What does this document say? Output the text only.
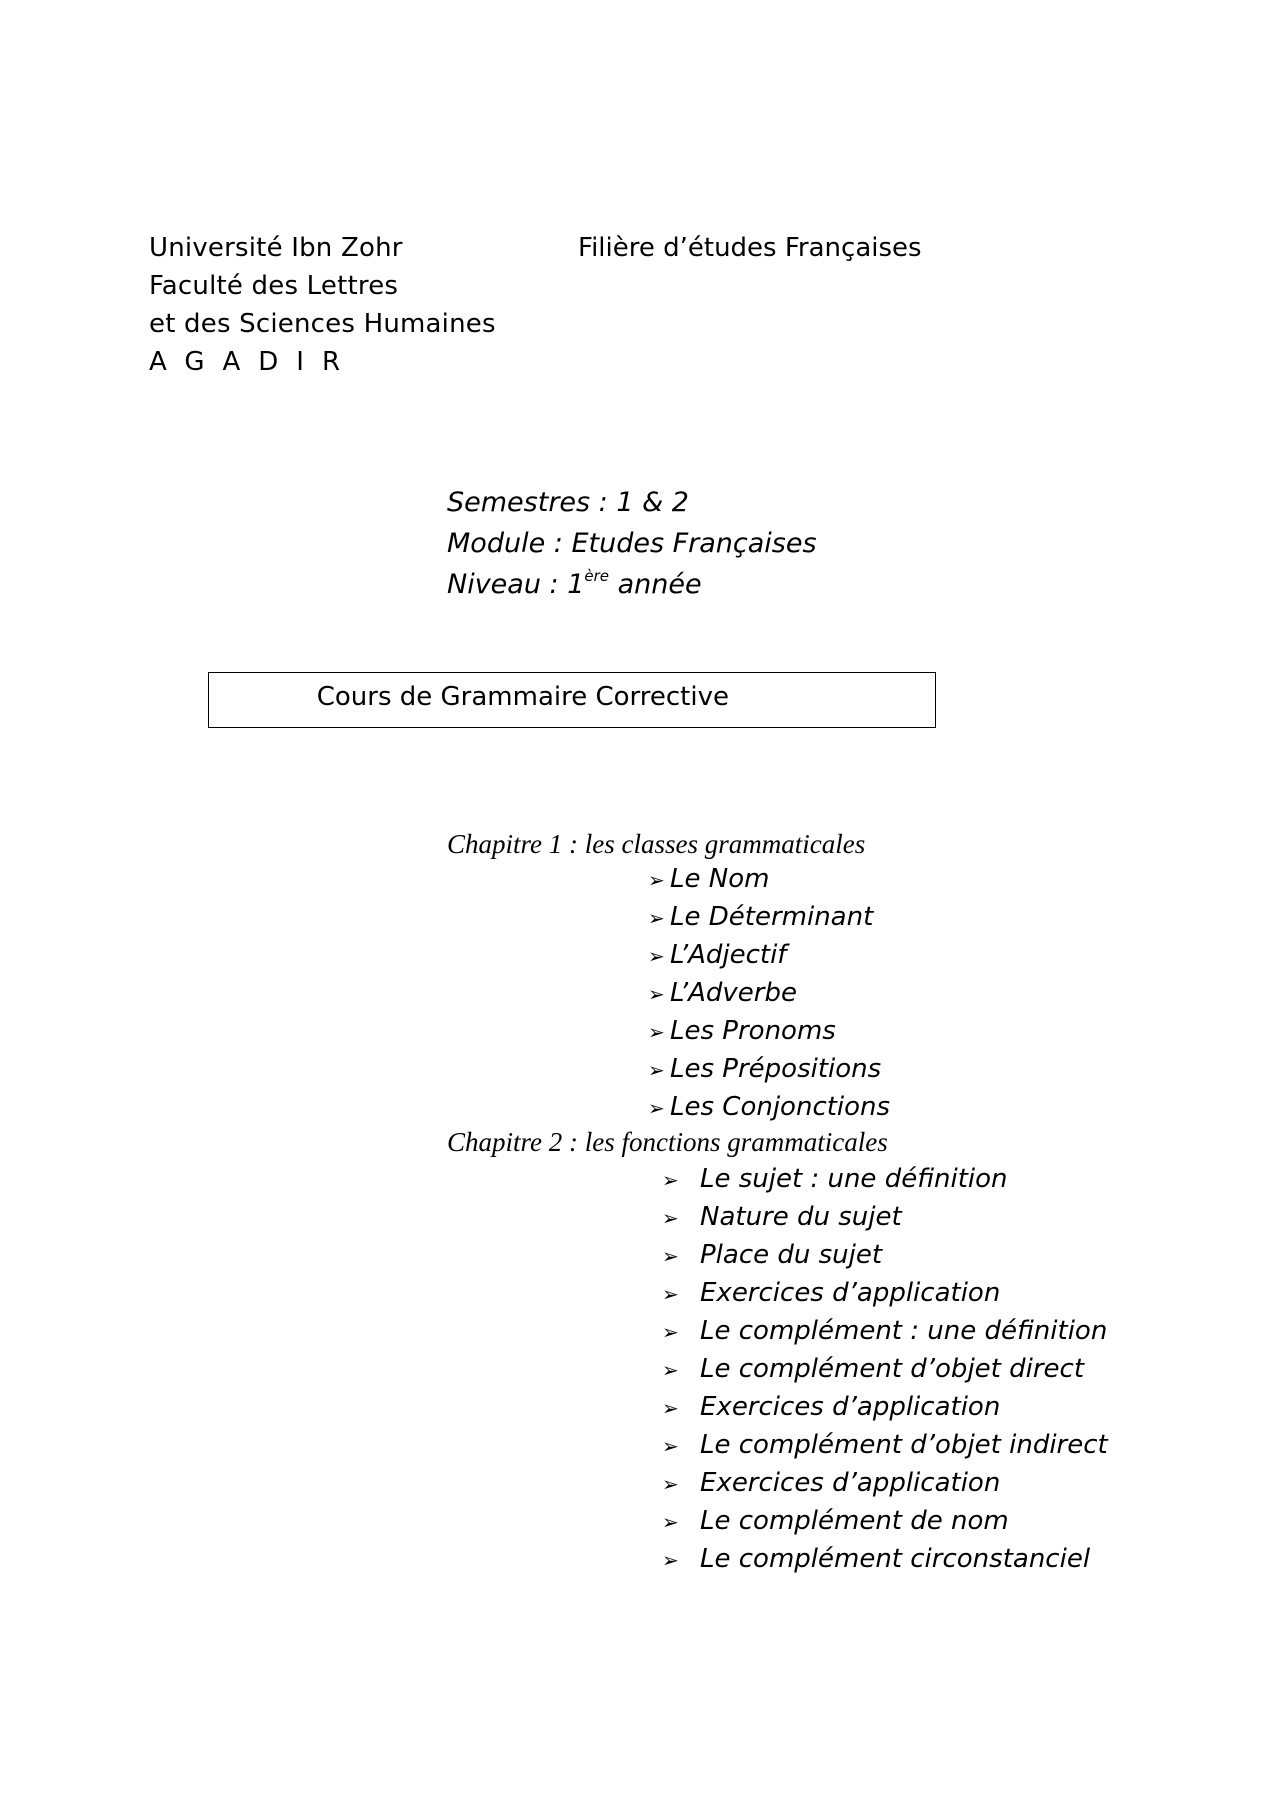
Université Ibn Zohr
Faculté des Lettres
et des Sciences Humaines
AGADIR
Filière d’études Françaises
Semestres : 1 & 2
Module : Etudes Françaises
Niveau : 1ère année
Cours de Grammaire Corrective
Chapitre 1 : les classes grammaticales
➢ Le Nom
➢ Le Déterminant
➢ L’Adjectif
➢ L’Adverbe
➢ Les Pronoms
➢ Les Prépositions
➢ Les Conjonctions
Chapitre 2 : les fonctions grammaticales
➢ Le sujet : une définition
➢ Nature du sujet
➢ Place du sujet
➢ Exercices d’application
➢ Le complément : une définition
➢ Le complément d’objet direct
➢ Exercices d’application
➢ Le complément d’objet indirect
➢ Exercices d’application
➢ Le complément de nom
➢ Le complément circonstanciel
